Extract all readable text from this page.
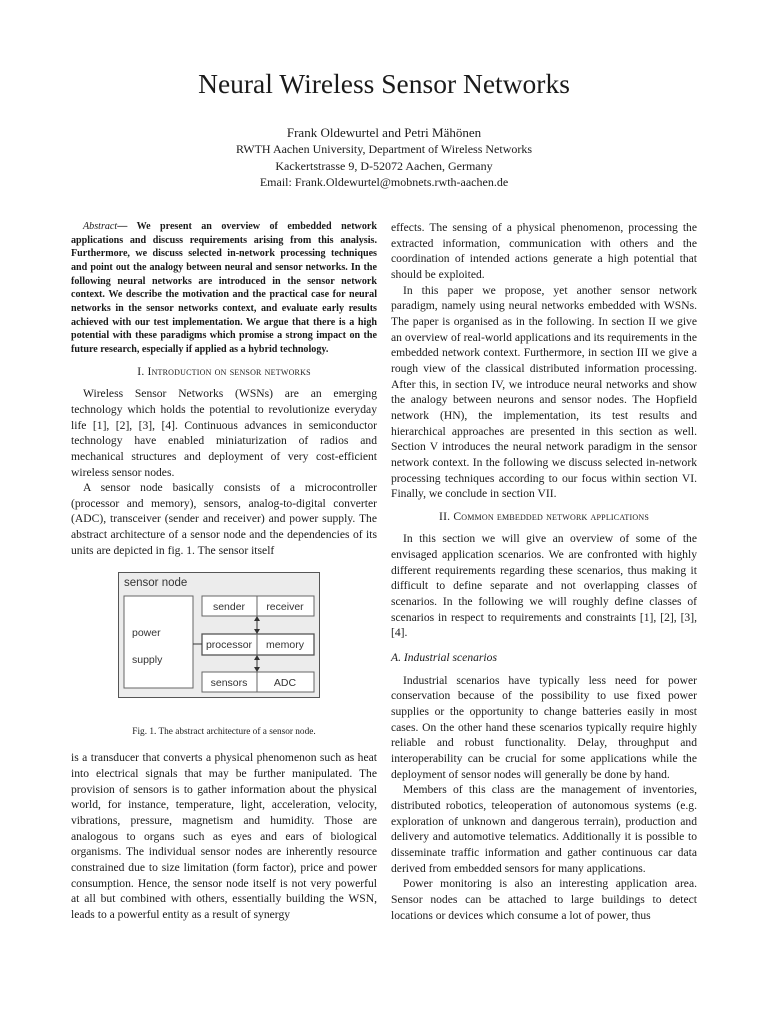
Neural Wireless Sensor Networks
Frank Oldewurtel and Petri Mähönen
RWTH Aachen University, Department of Wireless Networks
Kackertstrasse 9, D-52072 Aachen, Germany
Email: Frank.Oldewurtel@mobnets.rwth-aachen.de

Abstract— We present an overview of embedded network applications and discuss requirements arising from this analysis. Furthermore, we discuss selected in-network processing techniques and point out the analogy between neural and sensor networks. In the following neural networks are introduced in the sensor network context. We describe the motivation and the practical case for neural networks in the sensor networks context, and evaluate early results achieved with our test implementation. We argue that there is a high potential with these paradigms which promise a strong impact on the future research, especially if applied as a hybrid technology.

I. Introduction on sensor networks

Wireless Sensor Networks (WSNs) are an emerging technology which holds the potential to revolutionize everyday life [1], [2], [3], [4]. Continuous advances in semiconductor technology have enabled miniaturization of radios and mechanical structures and deployment of very cost-efficient wireless sensor nodes.

A sensor node basically consists of a microcontroller (processor and memory), sensors, analog-to-digital converter (ADC), transceiver (sender and receiver) and power supply. The abstract architecture of a sensor node and the dependencies of its units are depicted in fig. 1. The sensor itself

sensor node
power
supply
sender receiver
processor memory
sensors	ADC
Fig. 1. The abstract architecture of a sensor node.

is a transducer that converts a physical phenomenon such as heat into electrical signals that may be further manipulated. The provision of sensors is to gather information about the physical world, for instance, temperature, light, acceleration, velocity, vibrations, pressure, magnetism and humidity. Those are analogous to organs such as eyes and ears of biological organisms. The individual sensor nodes are inherently resource constrained due to size limitation (form factor), price and power consumption. Hence, the sensor node itself is not very powerful at all but combined with others, essentially building the WSN, leads to a powerful entity as a result of synergy

effects. The sensing of a physical phenomenon, processing the extracted information, communication with others and the coordination of intended actions generate a high potential that should be exploited.

In this paper we propose, yet another sensor network paradigm, namely using neural networks embedded with WSNs. The paper is organised as in the following. In section II we give an overview of real-world applications and its requirements in the embedded network context. Furthermore, in section III we give a rough view of the classical distributed information processing. After this, in section IV, we introduce neural networks and show the analogy between neurons and sensor nodes. The Hopfield network (HN), the implementation, its test results and hierarchical approaches are presented in this section as well. Section V introduces the neural network paradigm in the sensor network context. In the following we discuss selected in-network processing techniques according to our focus within section VI. Finally, we conclude in section VII.

II. Common embedded network applications

In this section we will give an overview of some of the envisaged application scenarios. We are confronted with highly different requirements regarding these scenarios, thus making it difficult to define separate and not overlapping classes of scenarios. In the following we will roughly define classes of scenarios in respect to requirements and constraints [1], [2], [3], [4].

A. Industrial scenarios

Industrial scenarios have typically less need for power conservation because of the possibility to use fixed power supplies or the opportunity to change batteries easily in most cases. On the other hand these scenarios typically require highly reliable and robust functionality. Delay, throughput and interoperability can be crucial for some applications while the deployment of sensor nodes will generally be done by hand.

Members of this class are the management of inventories, distributed robotics, teleoperation of autonomous systems (e.g. exploration of unknown and dangerous terrain), production and delivery and automotive telematics. Additionally it is possible to disseminate traffic information and gather continuous car data derived from embedded sensors for many applications.

Power monitoring is also an interesting application area. Sensor nodes can be attached to large buildings to detect locations or devices which consume a lot of power, thus
